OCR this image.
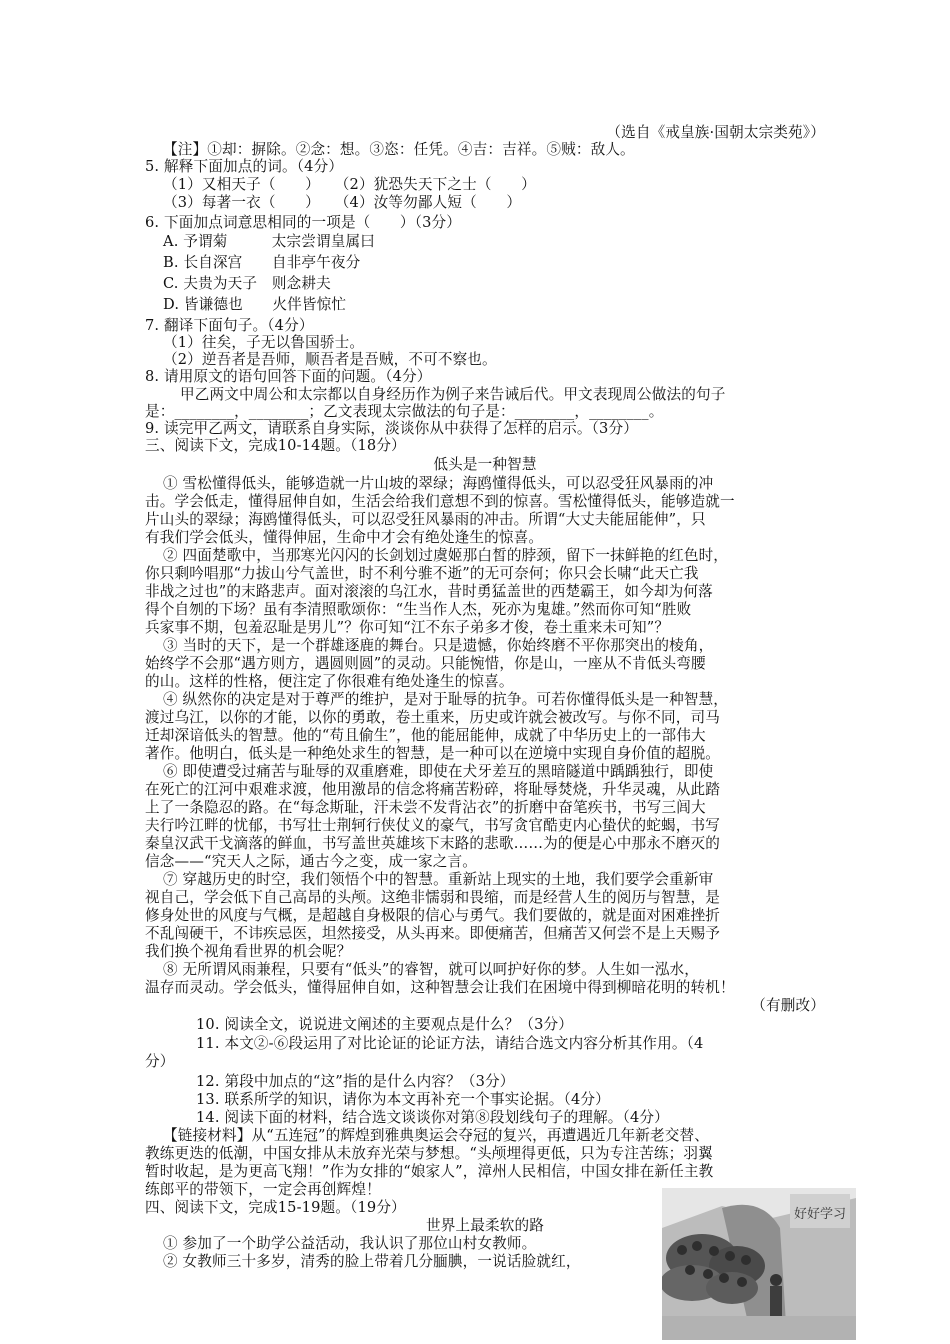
（选自《戒皇族·国朝太宗类苑》）
【注】①却：摒除。②念：想。③恣：任凭。④吉：吉祥。⑤贼：敌人。
5. 解释下面加点的词。（4分）
（1）又相天子（　　）　　（2）犹恐失天下之士（　　）
（3）每著一衣（　　）　　（4）汝等勿鄙人短（　　）
6. 下面加点词意思相同的一项是（　　）（3分）
A. 予谓菊　　　太宗尝谓皇属曰
B. 长自深宫　　自非亭午夜分
C. 夫贵为天子　则念耕夫
D. 皆谦德也　　火伴皆惊忙
7. 翻译下面句子。（4分）
（1）往矣，子无以鲁国骄士。
（2）逆吾者是吾师，顺吾者是吾贼，不可不察也。
8. 请用原文的语句回答下面的问题。（4分）
甲乙两文中周公和太宗都以自身经历作为例子来告诫后代。甲文表现周公做法的句子
是：________，________；乙文表现太宗做法的句子是：________，________。
9. 读完甲乙两文，请联系自身实际，淡谈你从中获得了怎样的启示。（3分）
三、阅读下文，完成10-14题。（18分）
低头是一种智慧
① 雪松懂得低头，能够造就一片山坡的翠绿；海鸥懂得低头，可以忍受狂风暴雨的冲
击。学会低走，懂得屈伸自如，生活会给我们意想不到的惊喜。雪松懂得低头，能够造就一
片山头的翠绿；海鸥懂得低头，可以忍受狂风暴雨的冲击。所谓“大丈夫能屈能伸”，只
有我们学会低头，懂得伸屈，生命中才会有绝处逢生的惊喜。
② 四面楚歌中，当那寒光闪闪的长剑划过虞姬那白皙的脖颈，留下一抹鲜艳的红色时，
你只剩吟唱那“力拔山兮气盖世，时不利兮骓不逝”的无可奈何；你只会长啸“此天亡我
非战之过也”的末路悲声。面对滚滚的乌江水，昔时勇猛盖世的西楚霸王，如今却为何落
得个自刎的下场？虽有李清照歌颂你：“生当作人杰，死亦为鬼雄。”然而你可知“胜败
兵家事不期，包羞忍耻是男儿”？你可知“江不东子弟多才俊，卷土重来未可知”？
③ 当时的天下，是一个群雄逐鹿的舞台。只是遗憾，你始终磨不平你那突出的棱角，
始终学不会那“遇方则方，遇圆则圆”的灵动。只能惋惜，你是山，一座从不肯低头弯腰
的山。这样的性格，便注定了你很难有绝处逢生的惊喜。
④ 纵然你的决定是对于尊严的维护，是对于耻辱的抗争。可若你懂得低头是一种智慧，
渡过乌江，以你的才能，以你的勇敢，卷土重来，历史或许就会被改写。与你不同，司马
迁却深谙低头的智慧。他的“苟且偷生”，他的能屈能伸，成就了中华历史上的一部伟大
著作。他明白，低头是一种绝处求生的智慧，是一种可以在逆境中实现自身价值的超脱。
⑥ 即使遭受过痛苦与耻辱的双重磨难，即使在犬牙差互的黑暗隧道中踽踽独行，即使
在死亡的江河中艰难求渡，他用激昂的信念将痛苦粉碎，将耻辱焚烧，升华灵魂，从此踏
上了一条隐忍的路。在“每念斯耻，汗未尝不发背沾衣”的折磨中奋笔疾书，书写三闾大
夫行吟江畔的忧郁，书写壮士荆轲行侠仗义的豪气，书写贪官酷吏内心蛰伏的蛇蝎，书写
秦皇汉武干戈滴落的鲜血，书写盖世英雄垓下末路的悲歌……为的便是心中那永不磨灭的
信念——“究天人之际，通古今之变，成一家之言。
⑦ 穿越历史的时空，我们领悟个中的智慧。重新站上现实的土地，我们要学会重新审
视自己，学会低下自己高昂的头颅。这绝非懦弱和畏缩，而是经营人生的阅历与智慧，是
修身处世的风度与气概，是超越自身极限的信心与勇气。我们要做的，就是面对困难挫折
不乱闯硬干，不讳疾忌医，坦然接受，从头再来。即便痛苦，但痛苦又何尝不是上天赐予
我们换个视角看世界的机会呢？
⑧ 无所谓风雨兼程，只要有“低头”的睿智，就可以呵护好你的梦。人生如一泓水，
温存而灵动。学会低头，懂得屈伸自如，这种智慧会让我们在困境中得到柳暗花明的转机！
（有删改）
10. 阅读全文，说说进文阐述的主要观点是什么？（3分）
11. 本文②-⑥段运用了对比论证的论证方法，请结合选文内容分析其作用。（4
分）
12. 第段中加点的“这”指的是什么内容？（3分）
13. 联系所学的知识，请你为本文再补充一个事实论据。（4分）
14. 阅读下面的材料，结合选文谈谈你对第⑧段划线句子的理解。（4分）
【链接材料】从“五连冠”的辉煌到雅典奥运会夺冠的复兴，再遭遇近几年新老交替、
教练更迭的低潮，中国女排从未放弃光荣与梦想。“头颅埋得更低，只为专注苦练；羽翼
暂时收起，是为更高飞翔！”作为女排的“娘家人”，漳州人民相信，中国女排在新任主教
练郎平的带领下，一定会再创辉煌！
四、阅读下文，完成15-19题。（19分）
世界上最柔软的路
① 参加了一个助学公益活动，我认识了那位山村女教师。
② 女教师三十多岁，清秀的脸上带着几分腼腆，一说话脸就红，
好好学习
